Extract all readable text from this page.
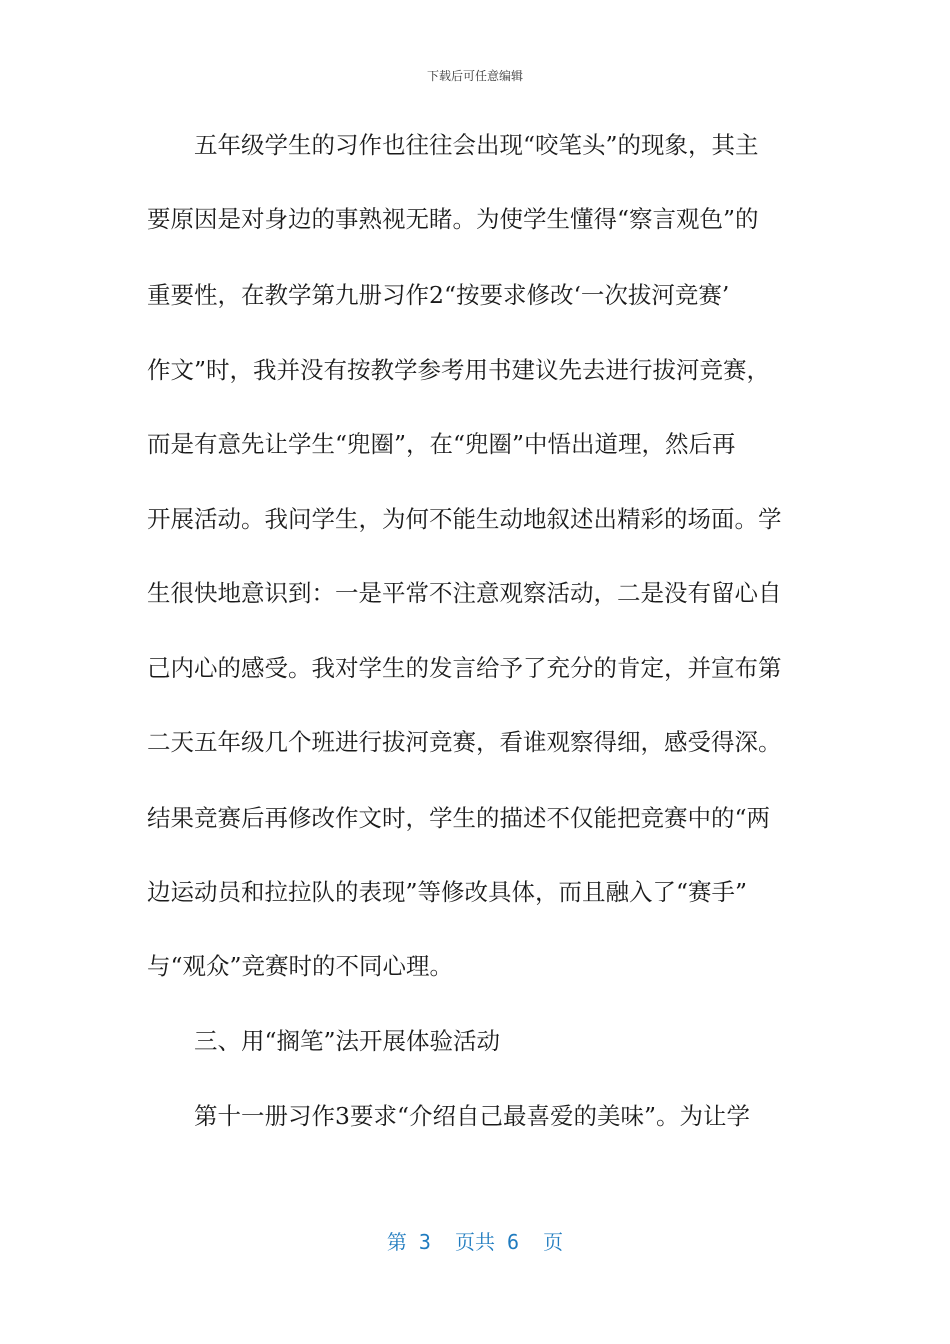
下载后可任意编辑
　　五年级学生的习作也往往会出现“咬笔头”的现象，其主
要原因是对身边的事熟视无睹。为使学生懂得“察言观色”的
重要性，在教学第九册习作2“按要求修改‘一次拔河竞赛’
作文”时，我并没有按教学参考用书建议先去进行拔河竞赛，
而是有意先让学生“兜圈”，在“兜圈”中悟出道理，然后再
开展活动。我问学生，为何不能生动地叙述出精彩的场面。学
生很快地意识到：一是平常不注意观察活动，二是没有留心自
己内心的感受。我对学生的发言给予了充分的肯定，并宣布第
二天五年级几个班进行拔河竞赛，看谁观察得细，感受得深。
结果竞赛后再修改作文时，学生的描述不仅能把竞赛中的“两
边运动员和拉拉队的表现”等修改具体，而且融入了“赛手”
与“观众”竞赛时的不同心理。
　　三、用“搁笔”法开展体验活动
　　第十一册习作3要求“介绍自己最喜爱的美味”。为让学
第 3  页共 6  页
